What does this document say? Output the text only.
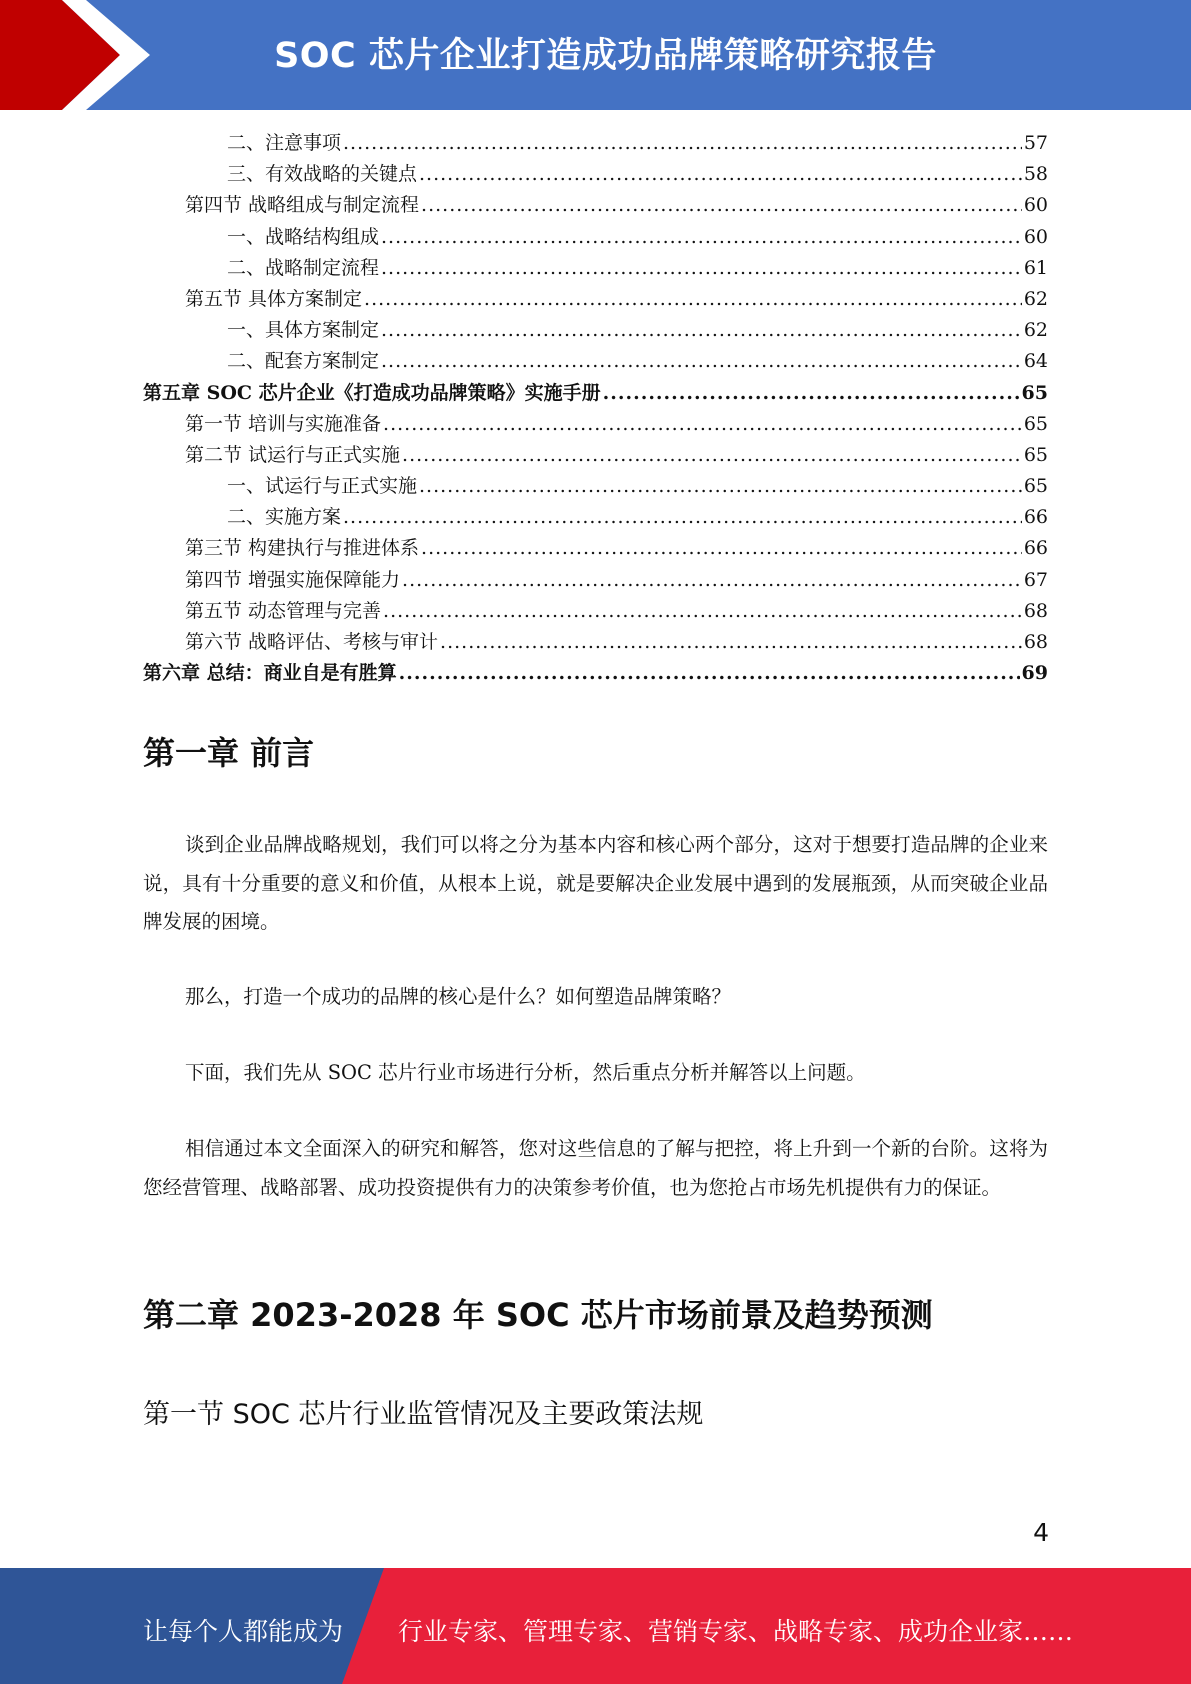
SOC 芯片企业打造成功品牌策略研究报告
二、注意事项 .....	57
三、有效战略的关键点 .....	58
第四节 战略组成与制定流程 .....	60
一、战略结构组成 .....	60
二、战略制定流程 .....	61
第五节 具体方案制定 .....	62
一、具体方案制定 .....	62
二、配套方案制定 .....	64
第五章 SOC 芯片企业《打造成功品牌策略》实施手册 .....	65
第一节 培训与实施准备 .....	65
第二节 试运行与正式实施 .....	65
一、试运行与正式实施 .....	65
二、实施方案 .....	66
第三节 构建执行与推进体系 .....	66
第四节 增强实施保障能力 .....	67
第五节 动态管理与完善 .....	68
第六节 战略评估、考核与审计 .....	68
第六章 总结：商业自是有胜算 .....	69
第一章 前言

谈到企业品牌战略规划，我们可以将之分为基本内容和核心两个部分，这对于想要打造品牌的企业来说，具有十分重要的意义和价值，从根本上说，就是要解决企业发展中遇到的发展瓶颈，从而突破企业品牌发展的困境。

那么，打造一个成功的品牌的核心是什么？如何塑造品牌策略？

下面，我们先从 SOC 芯片行业市场进行分析，然后重点分析并解答以上问题。

相信通过本文全面深入的研究和解答，您对这些信息的了解与把控，将上升到一个新的台阶。这将为您经营管理、战略部署、成功投资提供有力的决策参考价值，也为您抢占市场先机提供有力的保证。

第二章 2023-2028 年 SOC 芯片市场前景及趋势预测
第一节 SOC 芯片行业监管情况及主要政策法规
4
让每个人都能成为 行业专家、管理专家、营销专家、战略专家、成功企业家……
